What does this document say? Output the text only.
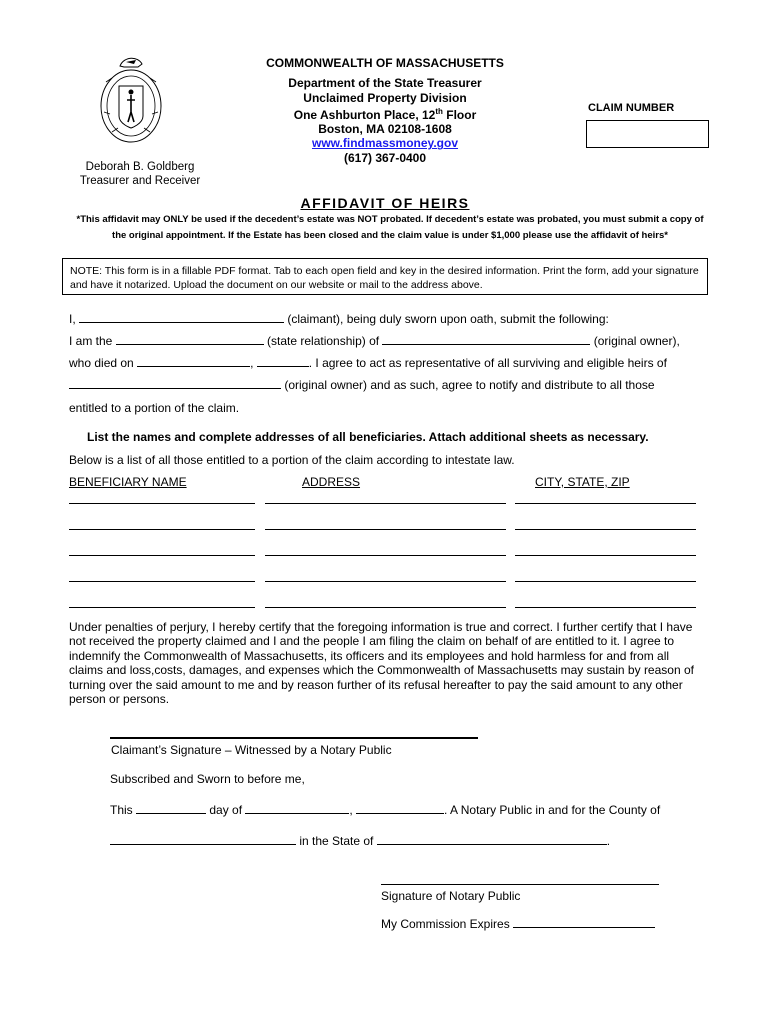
Deborah B. Goldberg
Treasurer and Receiver
COMMONWEALTH OF MASSACHUSETTS
Department of the State Treasurer
Unclaimed Property Division
One Ashburton Place, 12th Floor
Boston, MA 02108-1608
www.findmassmoney.gov
(617) 367-0400
CLAIM NUMBER
AFFIDAVIT OF HEIRS
*This affidavit may ONLY be used if the decedent’s estate was NOT probated. If decedent’s estate was probated, you must submit a copy of the original appointment. If the Estate has been closed and the claim value is under $1,000 please use the affidavit of heirs*
NOTE: This form is in a fillable PDF format. Tab to each open field and key in the desired information. Print the form, add your signature and have it notarized. Upload the document on our website or mail to the address above.
I,	(claimant), being duly sworn upon oath, submit the following:
I am the	(state relationship) of	(original owner),
who died on	,	. I agree to act as representative of all surviving and eligible heirs of
(original owner) and as such, agree to notify and distribute to all those
entitled to a portion of the claim.
List the names and complete addresses of all beneficiaries. Attach additional sheets as necessary.
Below is a list of all those entitled to a portion of the claim according to intestate law.
BENEFICIARY NAME	ADDRESS	CITY, STATE, ZIP
Under penalties of perjury, I hereby certify that the foregoing information is true and correct. I further certify that I have not received the property claimed and I and the people I am filing the claim on behalf of are entitled to it. I agree to indemnify the Commonwealth of Massachusetts, its officers and its employees and hold harmless for and from all claims and loss,costs, damages, and expenses which the Commonwealth of Massachusetts may sustain by reason of turning over the said amount to me and by reason further of its refusal hereafter to pay the said amount to any other person or persons.
Claimant’s Signature – Witnessed by a Notary Public
Subscribed and Sworn to before me,
This	day of	,	. A Notary Public in and for the County of
in the State of	.
Signature of Notary Public
My Commission Expires
